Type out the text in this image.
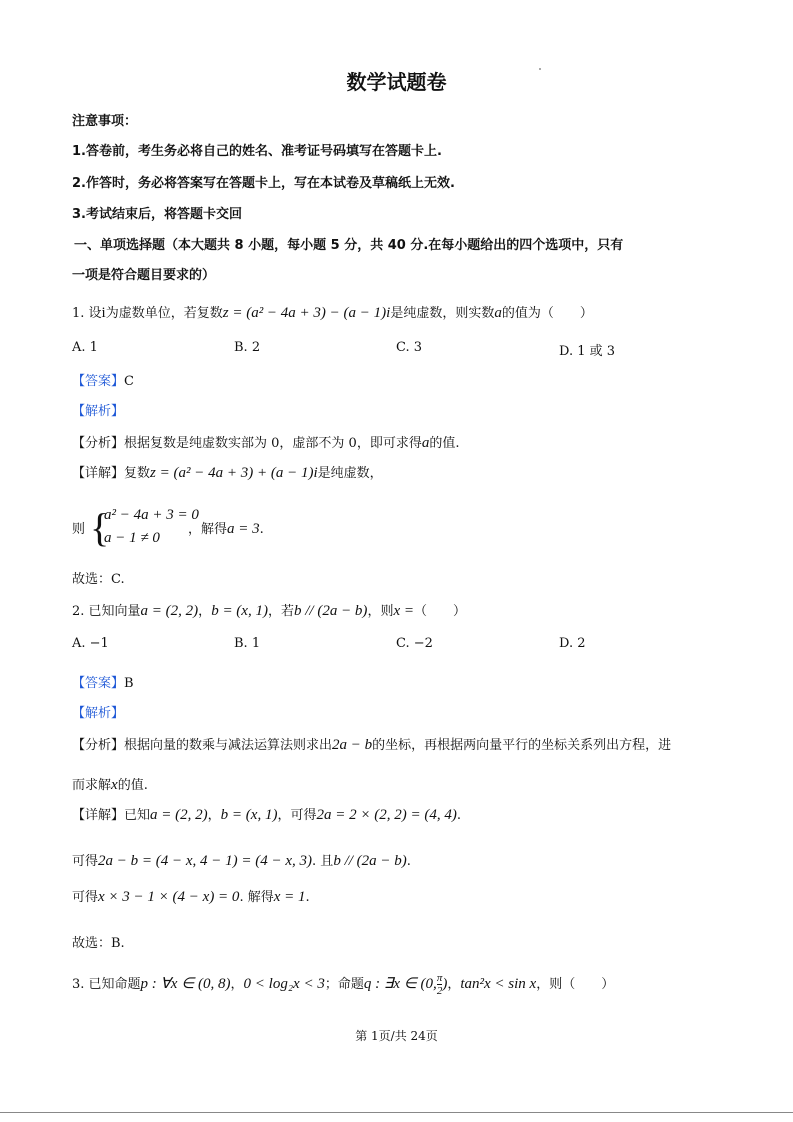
数学试题卷
注意事项：
1.答卷前，考生务必将自己的姓名、准考证号码填写在答题卡上.
2.作答时，务必将答案写在答题卡上，写在本试卷及草稿纸上无效.
3.考试结束后，将答题卡交回
一、单项选择题（本大题共 8 小题，每小题 5 分，共 40 分.在每小题给出的四个选项中，只有
一项是符合题目要求的）
1. 设i为虚数单位，若复数z = (a² − 4a + 3) − (a − 1)i是纯虚数，则实数a的值为（　　）
A. 1	B. 2	C. 3	D. 1 或 3
【答案】C
【解析】
【分析】根据复数是纯虚数实部为 0，虚部不为 0，即可求得a的值.
【详解】复数z = (a² − 4a + 3) + (a − 1)i是纯虚数，
则 {
a² − 4a + 3 = 0
a − 1 ≠ 0
，解得a = 3.
故选：C.
2. 已知向量a = (2, 2)，b = (x, 1)，若b // (2a − b)，则x =（　　）
A. −1	B. 1	C. −2	D. 2
【答案】B
【解析】
【分析】根据向量的数乘与减法运算法则求出2a − b的坐标，再根据两向量平行的坐标关系列出方程，进
而求解x的值.
【详解】已知a = (2, 2)，b = (x, 1)，可得2a = 2 × (2, 2) = (4, 4).
可得2a − b = (4 − x, 4 − 1) = (4 − x, 3). 且b // (2a − b).
可得x × 3 − 1 × (4 − x) = 0. 解得x = 1.
故选：B.
3. 已知命题p : ∀x ∈ (0, 8)，0 < log₂x < 3；命题q : ∃x ∈ (0, $\frac{\pi}{2}$ )，tan²x < sin x，则（　　）
第 1页/共 24页
